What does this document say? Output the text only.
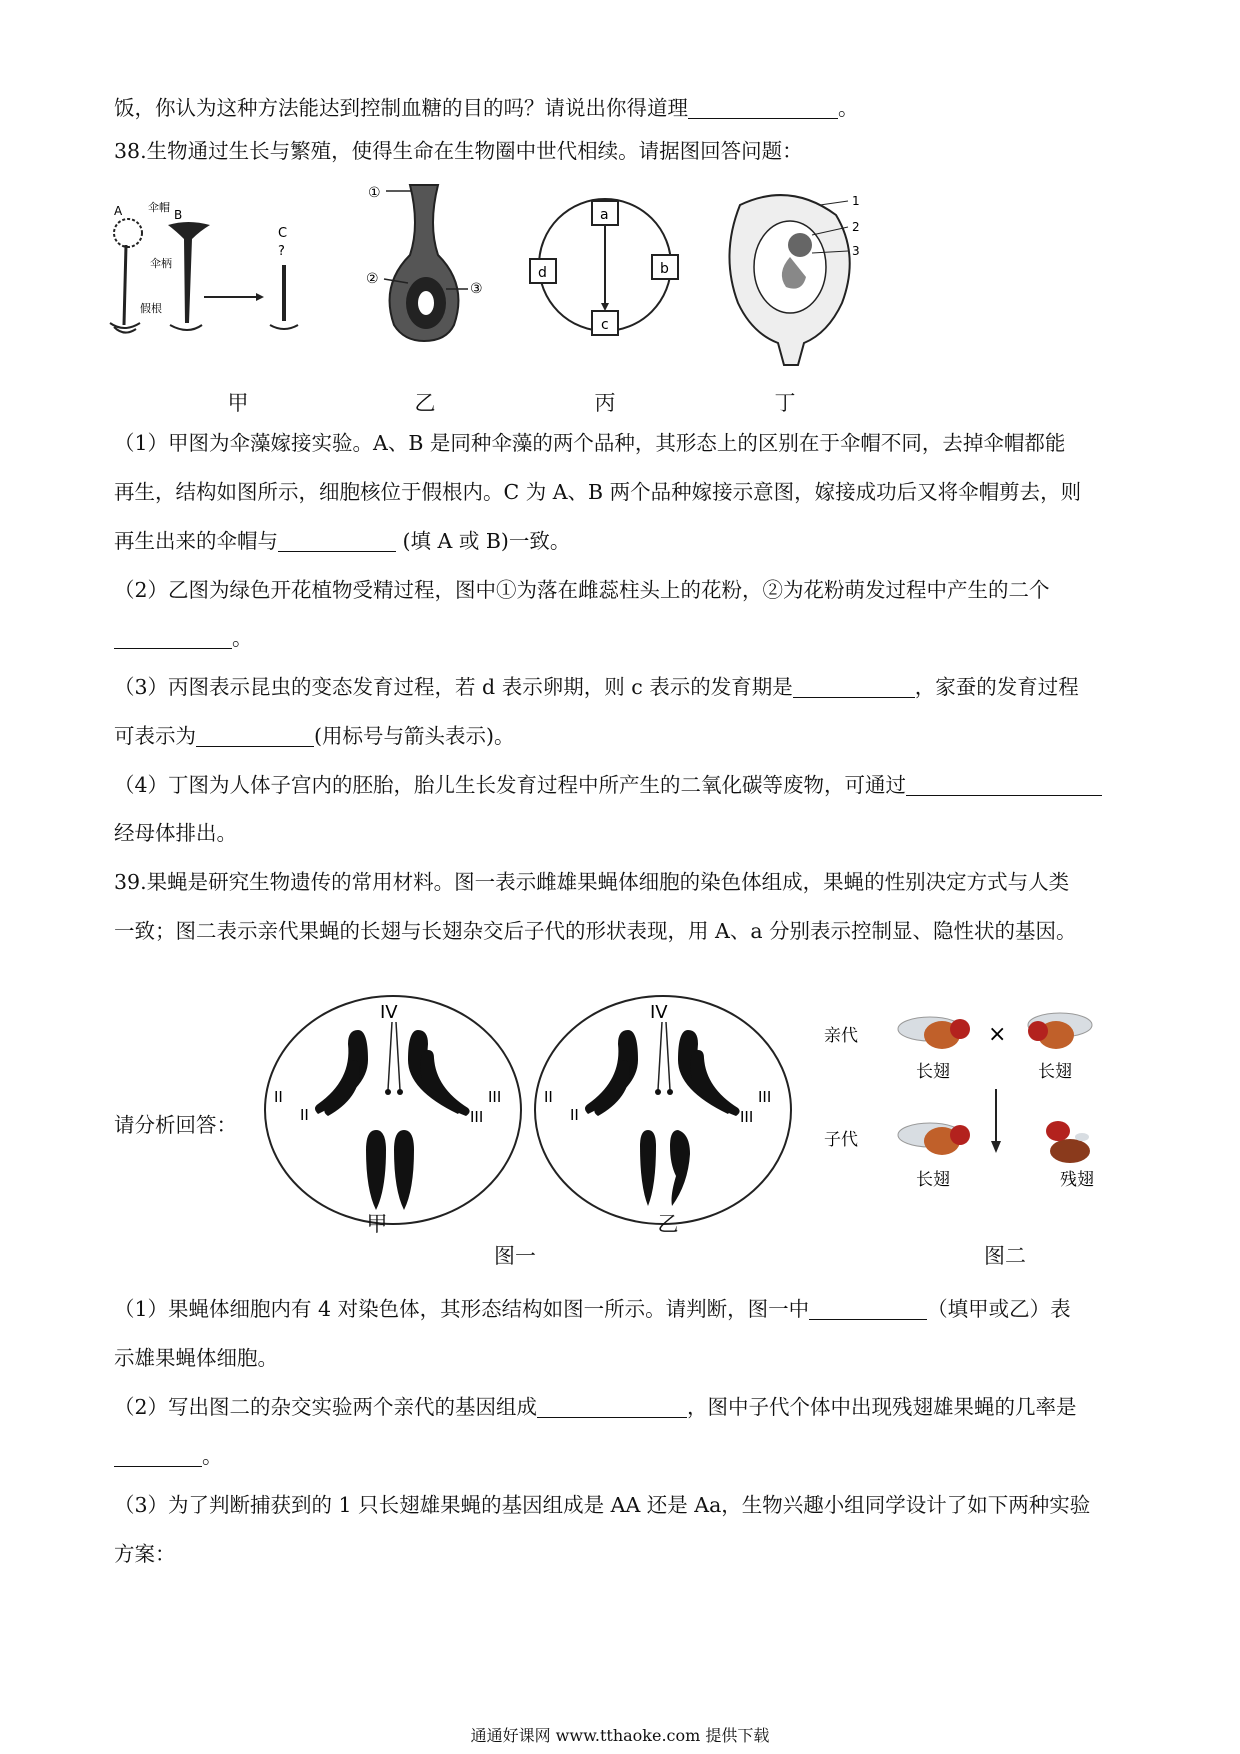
饭，你认为这种方法能达到控制血糖的目的吗？请说出你得道理	。
38.生物通过生长与繁殖，使得生命在生物圈中世代相续。请据图回答问题：
A	B
伞帽
伞柄
假根
C
?
①
②
③
a
b
c
d
1
2
3
甲	乙	丙	丁
（1）甲图为伞藻嫁接实验。A、B 是同种伞藻的两个品种，其形态上的区别在于伞帽不同，去掉伞帽都能
再生，结构如图所示，细胞核位于假根内。C 为 A、B 两个品种嫁接示意图，嫁接成功后又将伞帽剪去，则
再生出来的伞帽与	(填 A 或 B)一致。
（2）乙图为绿色开花植物受精过程，图中①为落在雌蕊柱头上的花粉，②为花粉萌发过程中产生的二个
。
（3）丙图表示昆虫的变态发育过程，若 d 表示卵期，则 c 表示的发育期是	，家蚕的发育过程
可表示为	(用标号与箭头表示)。
（4）丁图为人体子宫内的胚胎，胎儿生长发育过程中所产生的二氧化碳等废物，可通过
经母体排出。
39.果蝇是研究生物遗传的常用材料。图一表示雌雄果蝇体细胞的染色体组成，果蝇的性别决定方式与人类
一致；图二表示亲代果蝇的长翅与长翅杂交后子代的形状表现，用 A、a 分别表示控制显、隐性状的基因。
请分析回答：
IV
II
II
III
III
IV
II
II
III
III
甲	乙
图一
亲代
子代
×
长翅	长翅
长翅	残翅
图二
（1）果蝇体细胞内有 4 对染色体，其形态结构如图一所示。请判断，图一中	（填甲或乙）表
示雄果蝇体细胞。
（2）写出图二的杂交实验两个亲代的基因组成	，图中子代个体中出现残翅雄果蝇的几率是
。
（3）为了判断捕获到的 1 只长翅雄果蝇的基因组成是 AA 还是 Aa，生物兴趣小组同学设计了如下两种实验
方案：
通通好课网 www.tthaoke.com 提供下载
